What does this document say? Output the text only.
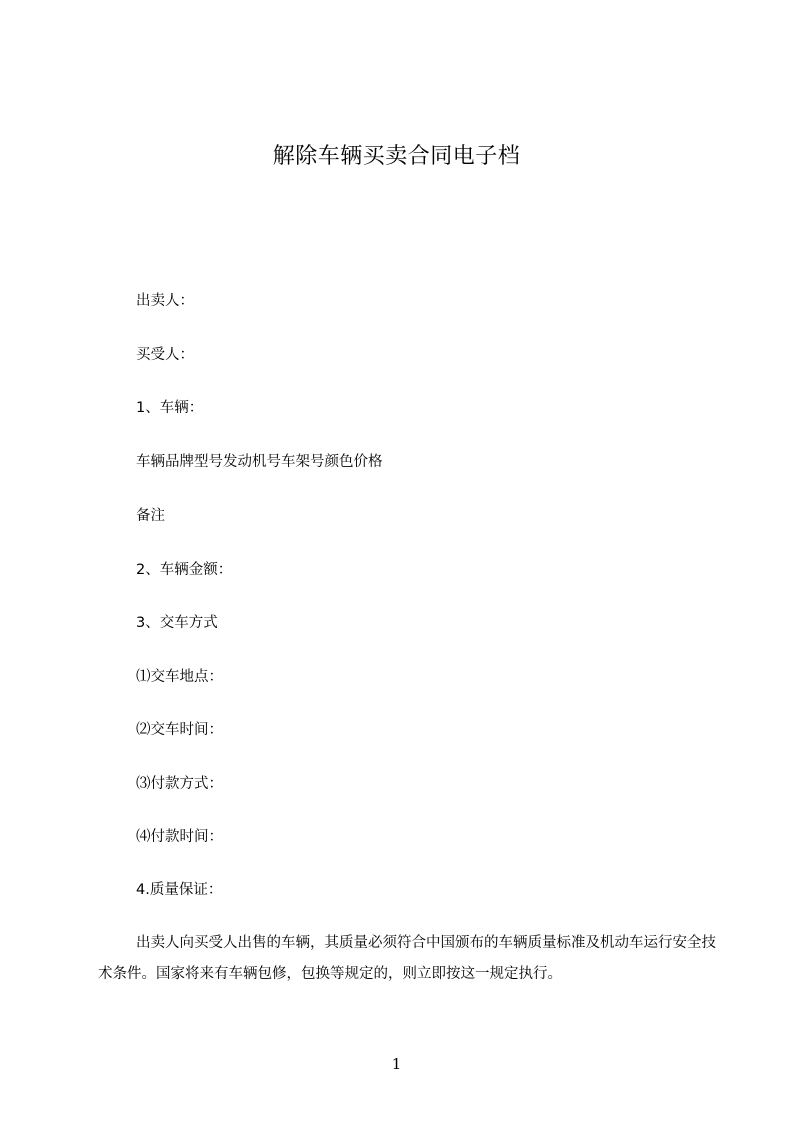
解除车辆买卖合同电子档
出卖人：
买受人：
1、车辆：
车辆品牌型号发动机号车架号颜色价格
备注
2、车辆金额：
3、交车方式
⑴交车地点：
⑵交车时间：
⑶付款方式：
⑷付款时间：
4.质量保证：
出卖人向买受人出售的车辆，其质量必须符合中国颁布的车辆质量标准及机动车运行安全技术条件。国家将来有车辆包修，包换等规定的，则立即按这一规定执行。
1
